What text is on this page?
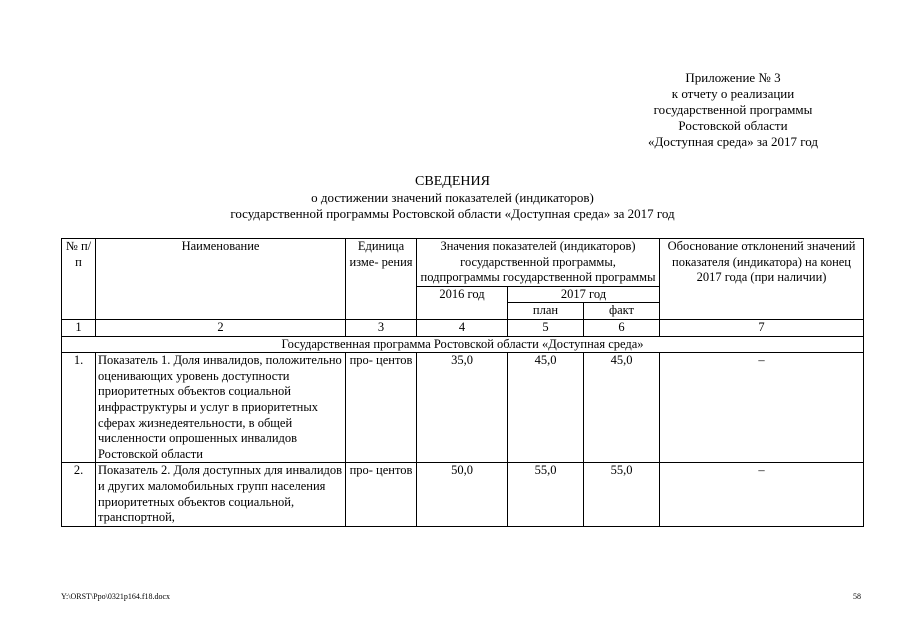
Приложение № 3
к отчету о реализации
государственной программы
Ростовской области
«Доступная среда» за 2017 год
СВЕДЕНИЯ
о достижении значений показателей (индикаторов)
государственной программы Ростовской области «Доступная среда» за 2017 год
№ п/п	Наименование	Единица изме- рения	Значения показателей (индикаторов) государственной программы, подпрограммы государственной программы			Обоснование отклонений значений показателя (индикатора) на конец 2017 года (при наличии)
			2016 год	2017 год		
				план	факт	
1	2	3	4	5	6	7
Государственная программа Ростовской области «Доступная среда»						
1.	Показатель 1. Доля инвалидов, положительно оценивающих уровень доступности приоритетных объектов социальной инфраструктуры и услуг в приоритетных сферах жизнедеятельности, в общей численности опрошенных инвалидов Ростовской области	про- центов	35,0	45,0	45,0	–
2.	Показатель 2. Доля доступных для инвалидов и других маломобильных групп населения приоритетных объектов социальной, транспортной,	про- центов	50,0	55,0	55,0	–
Y:\ORST\Ppo\0321p164.f18.docx	58
